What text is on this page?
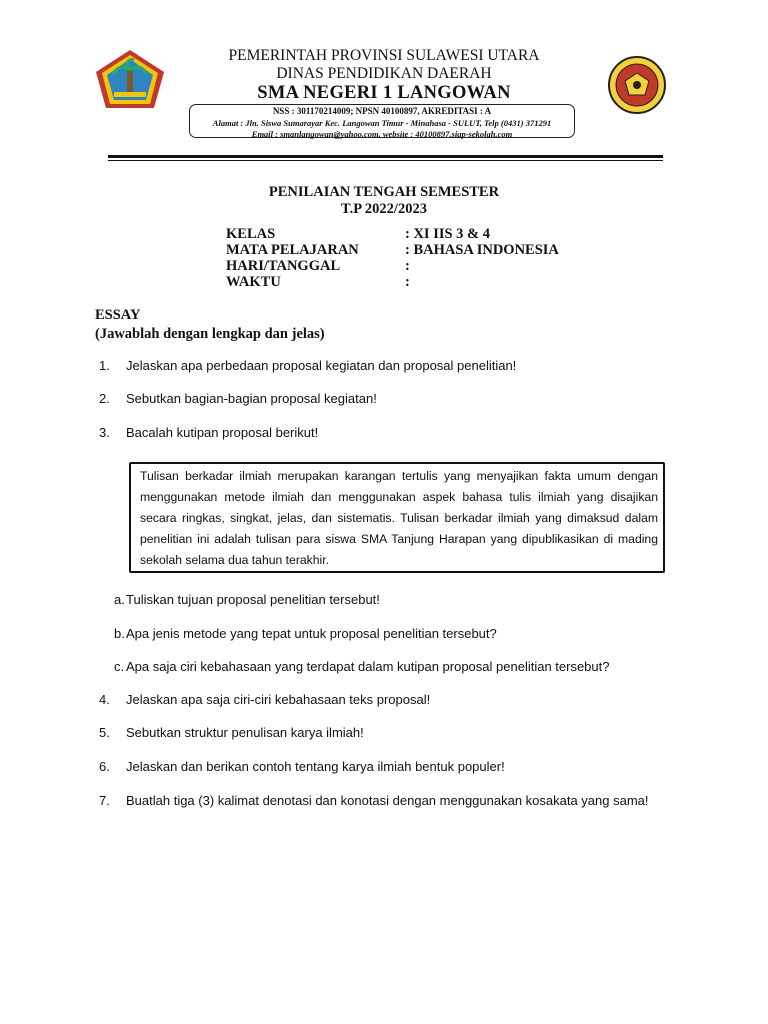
PEMERINTAH PROVINSI SULAWESI UTARA
DINAS PENDIDIKAN DAERAH
SMA NEGERI 1 LANGOWAN
NSS : 301170214009; NPSN 40100897, AKREDITASI : A
Alamat : Jln. Siswa Sumarayar Kec. Langowan Timur - Minahasa - SULUT, Telp (0431) 371291
Email : smanlangowan@yahoo.com, website : 40100897.siap-sekolah.com
PENILAIAN TENGAH SEMESTER
T.P 2022/2023
KELAS	: XI IIS 3 & 4
MATA PELAJARAN	: BAHASA INDONESIA
HARI/TANGGAL	:
WAKTU	:
ESSAY
(Jawablah dengan lengkap dan jelas)
1.	Jelaskan apa perbedaan proposal kegiatan dan proposal penelitian!
2.	Sebutkan bagian-bagian proposal kegiatan!
3.	Bacalah kutipan proposal berikut!
Tulisan berkadar ilmiah merupakan karangan tertulis yang menyajikan fakta umum dengan menggunakan metode ilmiah dan menggunakan aspek bahasa tulis ilmiah yang disajikan secara ringkas, singkat, jelas, dan sistematis. Tulisan berkadar ilmiah yang dimaksud dalam penelitian ini adalah tulisan para siswa SMA Tanjung Harapan yang dipublikasikan di mading sekolah selama dua tahun terakhir.
a. Tuliskan tujuan proposal penelitian tersebut!
b. Apa jenis metode yang tepat untuk proposal penelitian tersebut?
c. Apa saja ciri kebahasaan yang terdapat dalam kutipan proposal penelitian tersebut?
4.	Jelaskan apa saja ciri-ciri kebahasaan teks proposal!
5.	Sebutkan struktur penulisan karya ilmiah!
6.	Jelaskan dan berikan contoh tentang karya ilmiah bentuk populer!
7.	Buatlah tiga (3) kalimat denotasi dan konotasi dengan menggunakan kosakata yang sama!
